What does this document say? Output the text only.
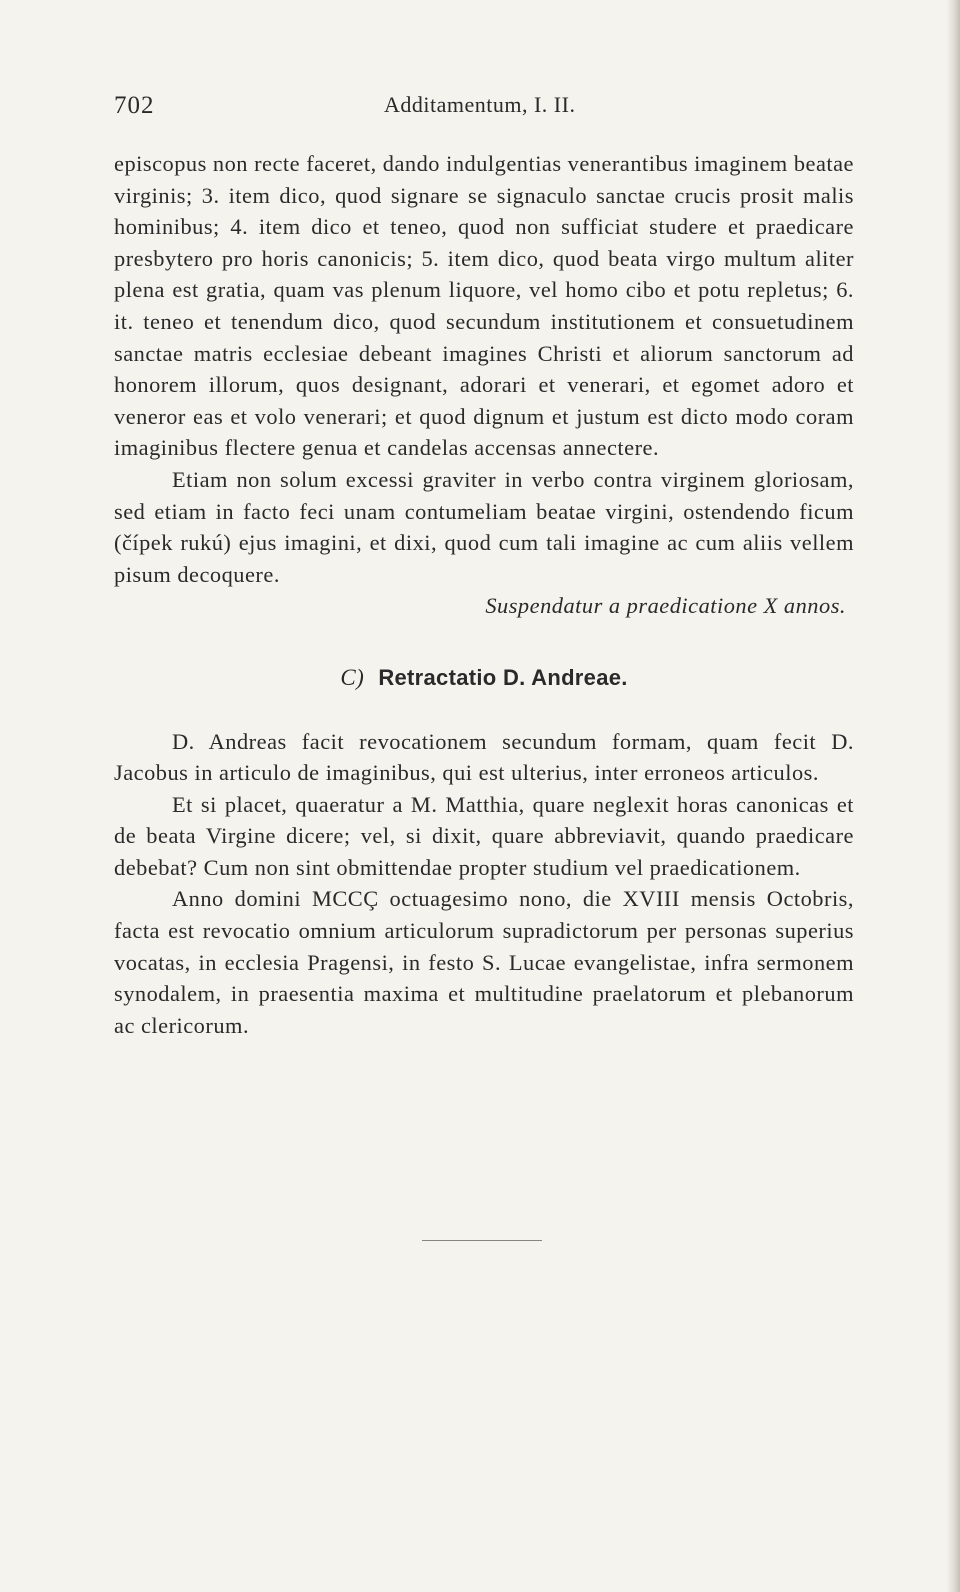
702	Additamentum, I. II.

episcopus non recte faceret, dando indulgentias venerantibus imaginem beatae virginis; 3. item dico, quod signare se signaculo sanctae crucis prosit malis hominibus; 4. item dico et teneo, quod non sufficiat studere et praedicare presbytero pro horis canonicis; 5. item dico, quod beata virgo multum aliter plena est gratia, quam vas plenum liquore, vel homo cibo et potu repletus; 6. it. teneo et tenendum dico, quod secundum institutionem et consuetudinem sanctae matris ecclesiae debeant imagines Christi et aliorum sanctorum ad honorem illorum, quos designant, adorari et venerari, et egomet adoro et veneror eas et volo venerari; et quod dignum et justum est dicto modo coram imaginibus flectere genua et candelas accensas annectere.

Etiam non solum excessi graviter in verbo contra virginem gloriosam, sed etiam in facto feci unam contumeliam beatae virgini, ostendendo ficum (čípek rukú) ejus imagini, et dixi, quod cum tali imagine ac cum aliis vellem pisum decoquere.

Suspendatur a praedicatione X annos.

C) Retractatio D. Andreae.

D. Andreas facit revocationem secundum formam, quam fecit D. Jacobus in articulo de imaginibus, qui est ulterius, inter erroneos articulos.

Et si placet, quaeratur a M. Matthia, quare neglexit horas canonicas et de beata Virgine dicere; vel, si dixit, quare abbreviavit, quando praedicare debebat? Cum non sint obmittendae propter studium vel praedicationem.

Anno domini MCCÇ octuagesimo nono, die XVIII mensis Octobris, facta est revocatio omnium articulorum supradictorum per personas superius vocatas, in ecclesia Pragensi, in festo S. Lucae evangelistae, infra sermonem synodalem, in praesentia maxima et multitudine praelatorum et plebanorum ac clericorum.
